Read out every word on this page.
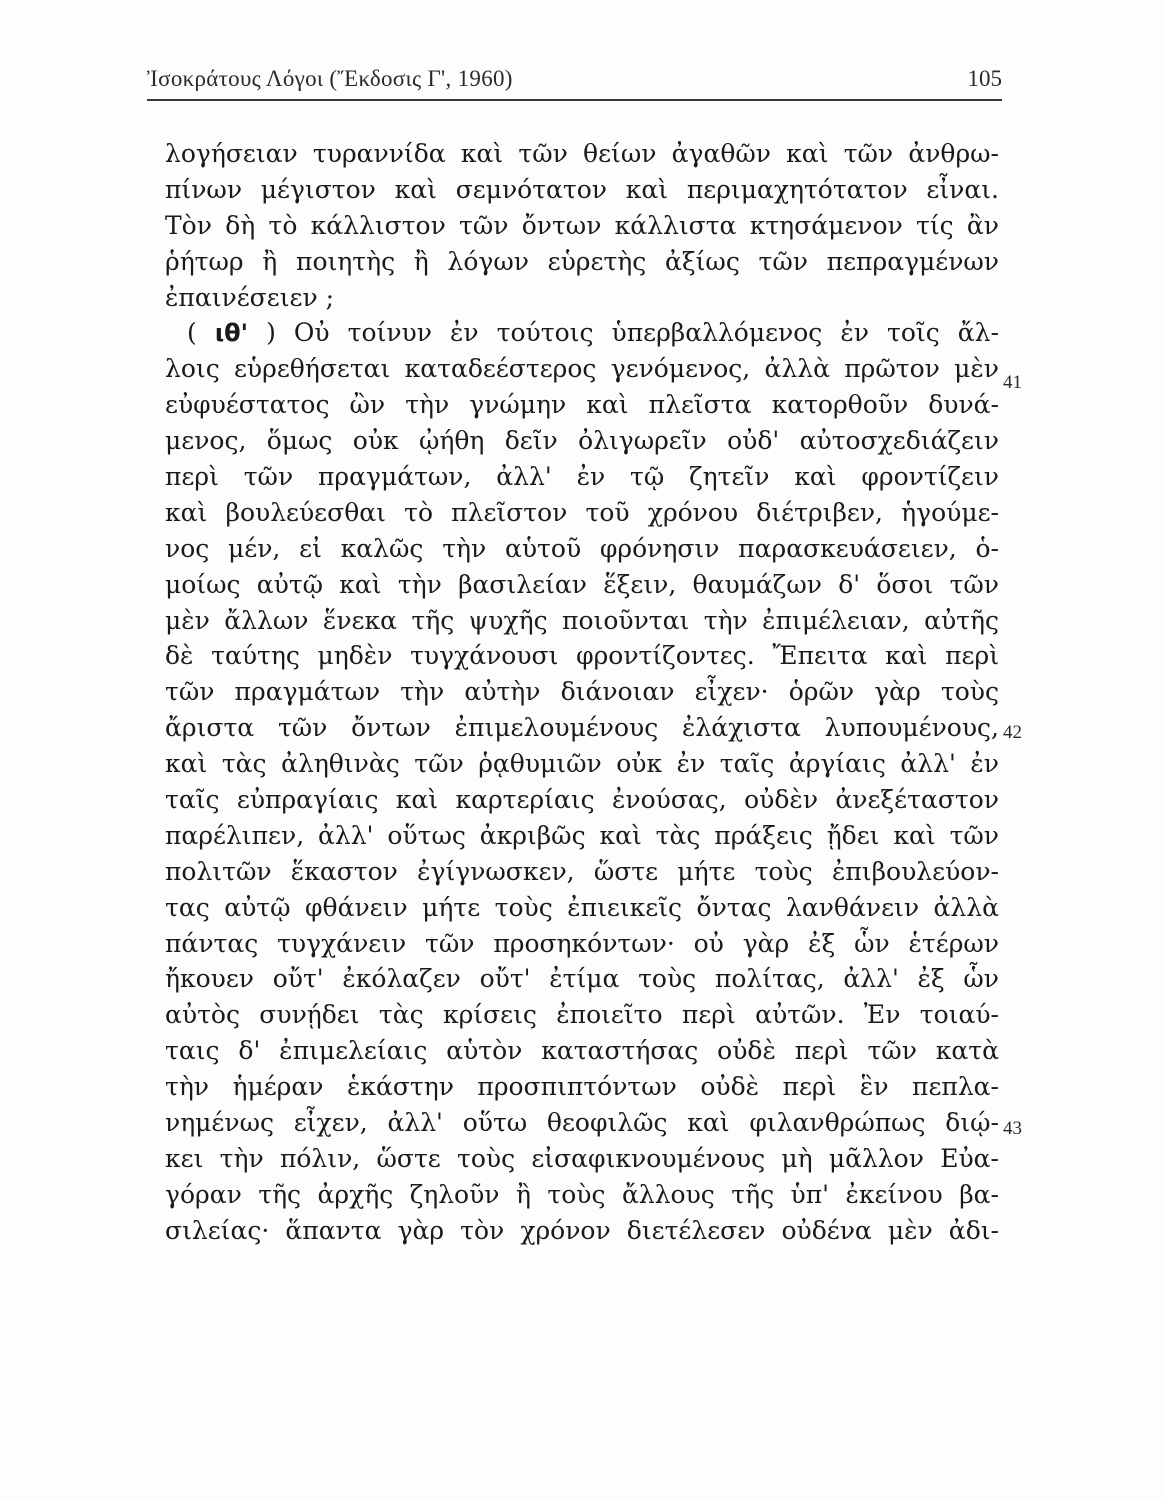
Ἰσοκράτους Λόγοι (Ἔκδοσις Γ', 1960)	105
λογήσειαν τυραννίδα καὶ τῶν θείων ἀγαθῶν καὶ τῶν ἀνθρω-
πίνων μέγιστον καὶ σεμνότατον καὶ περιμαχητότατον εἶναι.
Τὸν δὴ τὸ κάλλιστον τῶν ὄντων κάλλιστα κτησάμενον τίς ἂν
ῥήτωρ ἢ ποιητὴς ἢ λόγων εὑρετὴς ἀξίως τῶν πεπραγμένων
ἐπαινέσειεν ;
( ιθ' ) Οὐ τοίνυν ἐν τούτοις ὑπερβαλλόμενος ἐν τοῖς ἄλ-
λοις εὑρεθήσεται καταδεέστερος γενόμενος, ἀλλὰ πρῶτον μὲν
εὐφυέστατος ὢν τὴν γνώμην καὶ πλεῖστα κατορθοῦν δυνά-
μενος, ὅμως οὐκ ᾠήθη δεῖν ὀλιγωρεῖν οὐδ' αὐτοσχεδιάζειν
περὶ τῶν πραγμάτων, ἀλλ' ἐν τῷ ζητεῖν καὶ φροντίζειν
καὶ βουλεύεσθαι τὸ πλεῖστον τοῦ χρόνου διέτριβεν, ἡγούμε-
νος μέν, εἰ καλῶς τὴν αὑτοῦ φρόνησιν παρασκευάσειεν, ὁ-
μοίως αὐτῷ καὶ τὴν βασιλείαν ἕξειν, θαυμάζων δ' ὅσοι τῶν
μὲν ἄλλων ἕνεκα τῆς ψυχῆς ποιοῦνται τὴν ἐπιμέλειαν, αὐτῆς
δὲ ταύτης μηδὲν τυγχάνουσι φροντίζοντες. Ἔπειτα καὶ περὶ
τῶν πραγμάτων τὴν αὐτὴν διάνοιαν εἶχεν· ὁρῶν γὰρ τοὺς
ἄριστα τῶν ὄντων ἐπιμελουμένους ἐλάχιστα λυπουμένους,
καὶ τὰς ἀληθινὰς τῶν ῥᾳθυμιῶν οὐκ ἐν ταῖς ἀργίαις ἀλλ' ἐν
ταῖς εὐπραγίαις καὶ καρτερίαις ἐνούσας, οὐδὲν ἀνεξέταστον
παρέλιπεν, ἀλλ' οὕτως ἀκριβῶς καὶ τὰς πράξεις ᾔδει καὶ τῶν
πολιτῶν ἕκαστον ἐγίγνωσκεν, ὥστε μήτε τοὺς ἐπιβουλεύον-
τας αὐτῷ φθάνειν μήτε τοὺς ἐπιεικεῖς ὄντας λανθάνειν ἀλλὰ
πάντας τυγχάνειν τῶν προσηκόντων· οὐ γὰρ ἐξ ὧν ἑτέρων
ἤκουεν οὔτ' ἐκόλαζεν οὔτ' ἐτίμα τοὺς πολίτας, ἀλλ' ἐξ ὧν
αὐτὸς συνῄδει τὰς κρίσεις ἐποιεῖτο περὶ αὐτῶν. Ἐν τοιαύ-
ταις δ' ἐπιμελείαις αὑτὸν καταστήσας οὐδὲ περὶ τῶν κατὰ
τὴν ἡμέραν ἑκάστην προσπιπτόντων οὐδὲ περὶ ἓν πεπλα-
νημένως εἶχεν, ἀλλ' οὕτω θεοφιλῶς καὶ φιλανθρώπως διῴ-
κει τὴν πόλιν, ὥστε τοὺς εἰσαφικνουμένους μὴ μᾶλλον Εὐα-
γόραν τῆς ἀρχῆς ζηλοῦν ἢ τοὺς ἄλλους τῆς ὑπ' ἐκείνου βα-
σιλείας· ἅπαντα γὰρ τὸν χρόνον διετέλεσεν οὐδένα μὲν ἀδι-
41
42
43
